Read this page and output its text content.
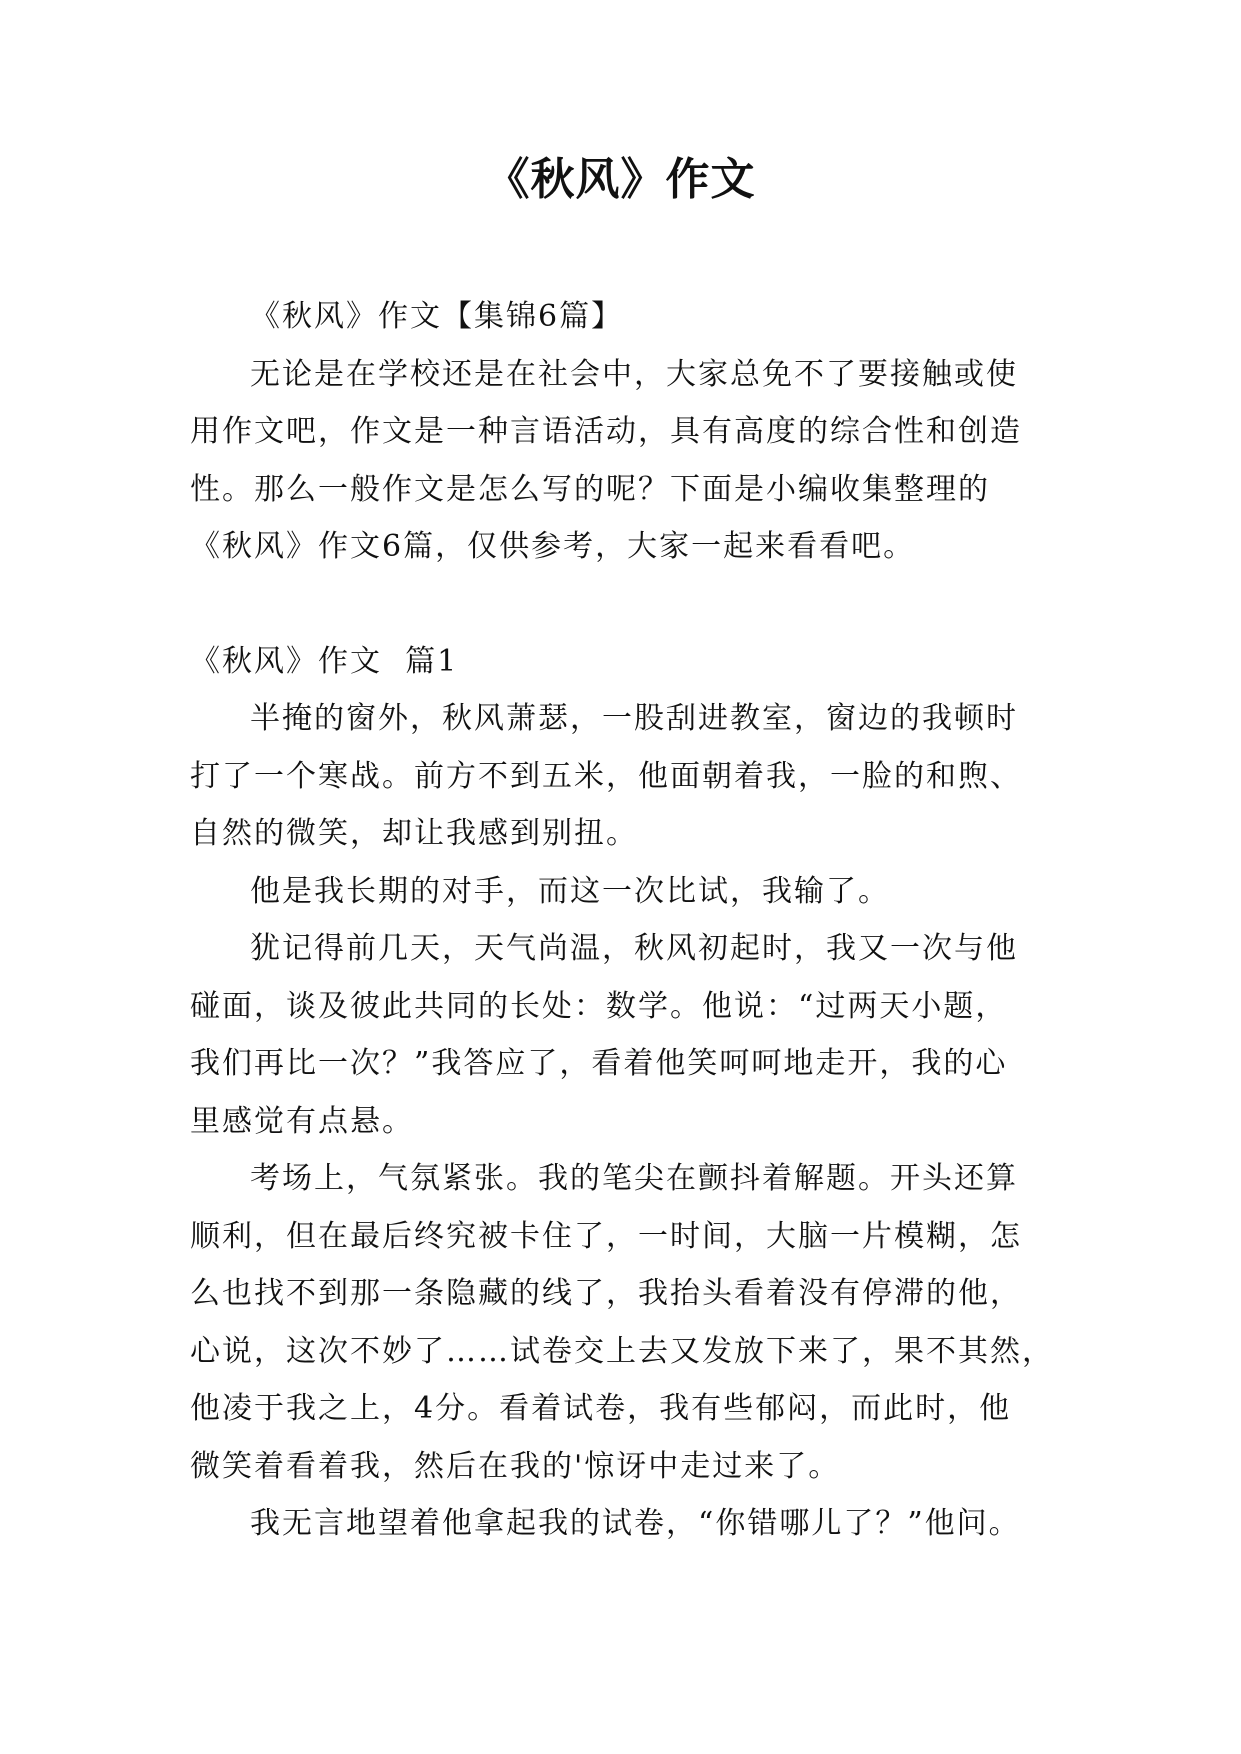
《秋风》作文

《秋风》作文【集锦6篇】

无论是在学校还是在社会中，大家总免不了要接触或使

用作文吧，作文是一种言语活动，具有高度的综合性和创造

性。那么一般作文是怎么写的呢？下面是小编收集整理的

《秋风》作文6篇，仅供参考，大家一起来看看吧。

《秋风》作文  篇1

半掩的窗外，秋风萧瑟，一股刮进教室，窗边的我顿时

打了一个寒战。前方不到五米，他面朝着我，一脸的和煦、

自然的微笑，却让我感到别扭。

他是我长期的对手，而这一次比试，我输了。

犹记得前几天，天气尚温，秋风初起时，我又一次与他

碰面，谈及彼此共同的长处：数学。他说：“过两天小题，

我们再比一次？”我答应了，看着他笑呵呵地走开，我的心

里感觉有点悬。

考场上，气氛紧张。我的笔尖在颤抖着解题。开头还算

顺利，但在最后终究被卡住了，一时间，大脑一片模糊，怎

么也找不到那一条隐藏的线了，我抬头看着没有停滞的他，

心说，这次不妙了……试卷交上去又发放下来了，果不其然，

他凌于我之上，4分。看着试卷，我有些郁闷，而此时，他

微笑着看着我，然后在我的'惊讶中走过来了。

我无言地望着他拿起我的试卷，“你错哪儿了？”他问。
